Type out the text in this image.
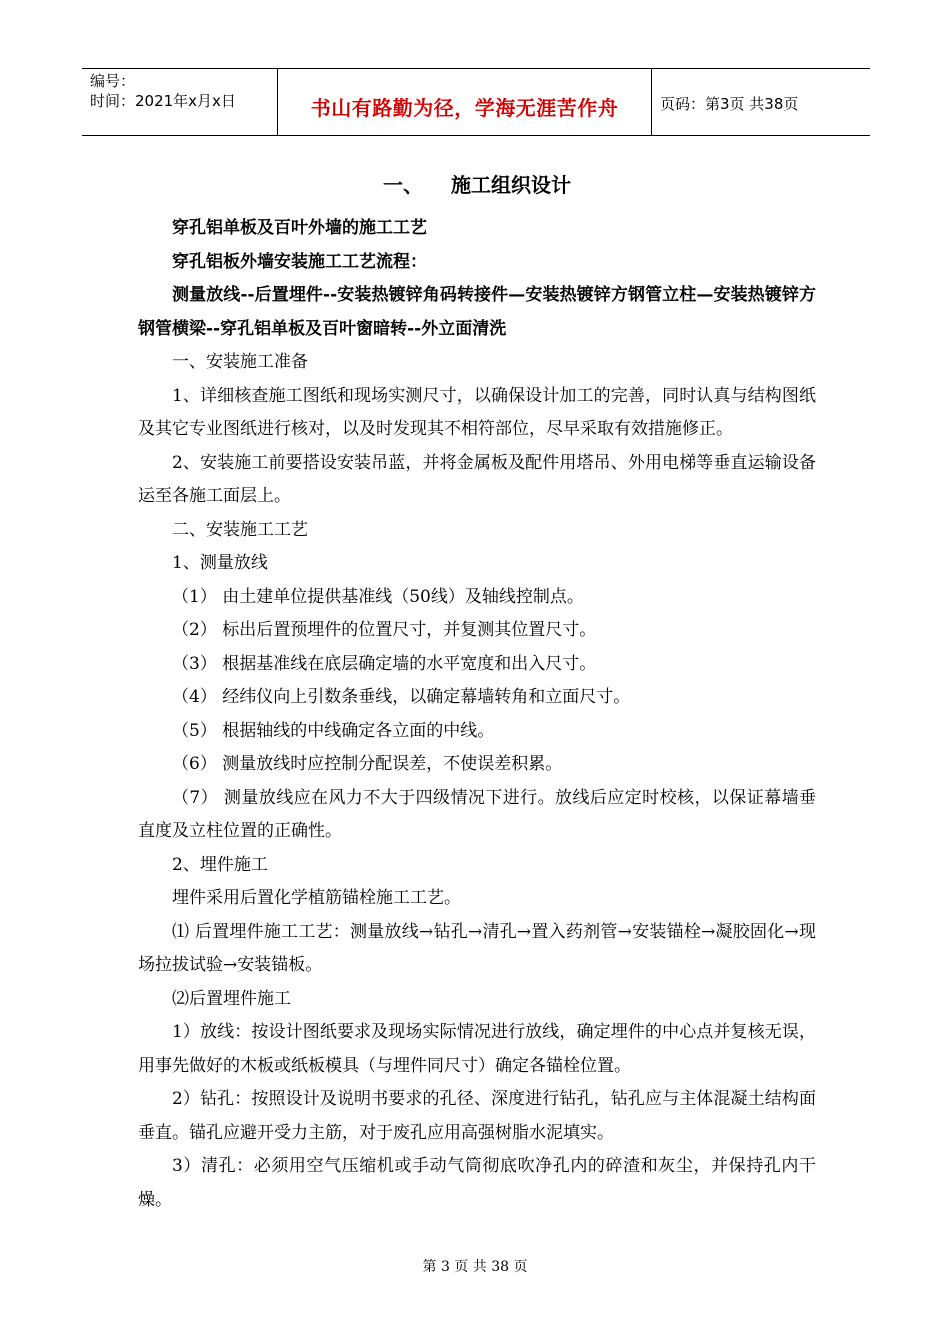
编号：
时间：2021年x月x日	书山有路勤为径，学海无涯苦作舟	页码：第3页 共38页
一、 施工组织设计

穿孔铝单板及百叶外墙的施工工艺

穿孔铝板外墙安装施工工艺流程：

测量放线--后置埋件--安装热镀锌角码转接件—安装热镀锌方钢管立柱—安装热镀锌方钢管横梁--穿孔铝单板及百叶窗暗转--外立面清洗

一、安装施工准备

1、详细核查施工图纸和现场实测尺寸，以确保设计加工的完善，同时认真与结构图纸及其它专业图纸进行核对，以及时发现其不相符部位，尽早采取有效措施修正。

2、安装施工前要搭设安装吊蓝，并将金属板及配件用塔吊、外用电梯等垂直运输设备运至各施工面层上。

二、安装施工工艺

1、测量放线

（1） 由土建单位提供基准线（50线）及轴线控制点。

（2） 标出后置预埋件的位置尺寸，并复测其位置尺寸。

（3） 根据基准线在底层确定墙的水平宽度和出入尺寸。

（4） 经纬仪向上引数条垂线，以确定幕墙转角和立面尺寸。

（5） 根据轴线的中线确定各立面的中线。

（6） 测量放线时应控制分配误差，不使误差积累。

（7） 测量放线应在风力不大于四级情况下进行。放线后应定时校核，以保证幕墙垂直度及立柱位置的正确性。

2、埋件施工

埋件采用后置化学植筋锚栓施工工艺。

⑴ 后置埋件施工工艺：测量放线→钻孔→清孔→置入药剂管→安装锚栓→凝胶固化→现场拉拔试验→安装锚板。

⑵后置埋件施工

1）放线：按设计图纸要求及现场实际情况进行放线，确定埋件的中心点并复核无误，用事先做好的木板或纸板模具（与埋件同尺寸）确定各锚栓位置。

2）钻孔：按照设计及说明书要求的孔径、深度进行钻孔，钻孔应与主体混凝土结构面垂直。锚孔应避开受力主筋，对于废孔应用高强树脂水泥填实。

3）清孔：必须用空气压缩机或手动气筒彻底吹净孔内的碎渣和灰尘，并保持孔内干燥。

第 3 页 共 38 页
